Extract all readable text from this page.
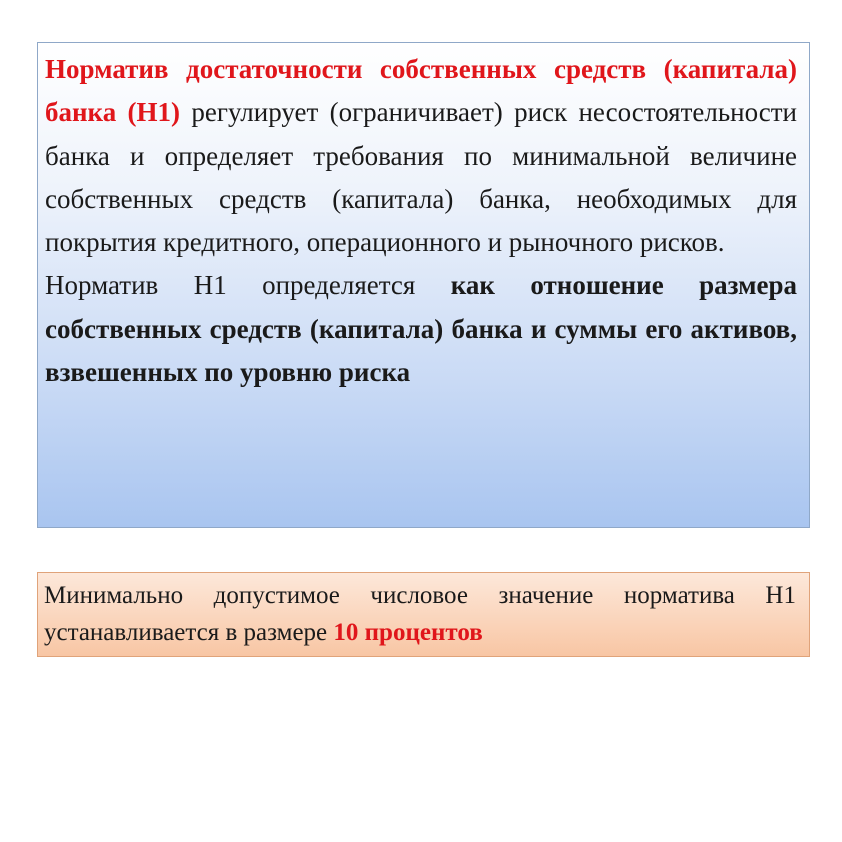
Норматив достаточности собственных средств (капитала) банка (Н1) регулирует (ограничивает) риск несостоятельности банка и определяет требования по минимальной величине собственных средств (капитала) банка, необходимых для покрытия кредитного, операционного и рыночного рисков.
Норматив Н1 определяется как отношение размера собственных средств (капитала) банка и суммы его активов, взвешенных по уровню риска
Минимально допустимое числовое значение норматива Н1 устанавливается в размере 10 процентов
